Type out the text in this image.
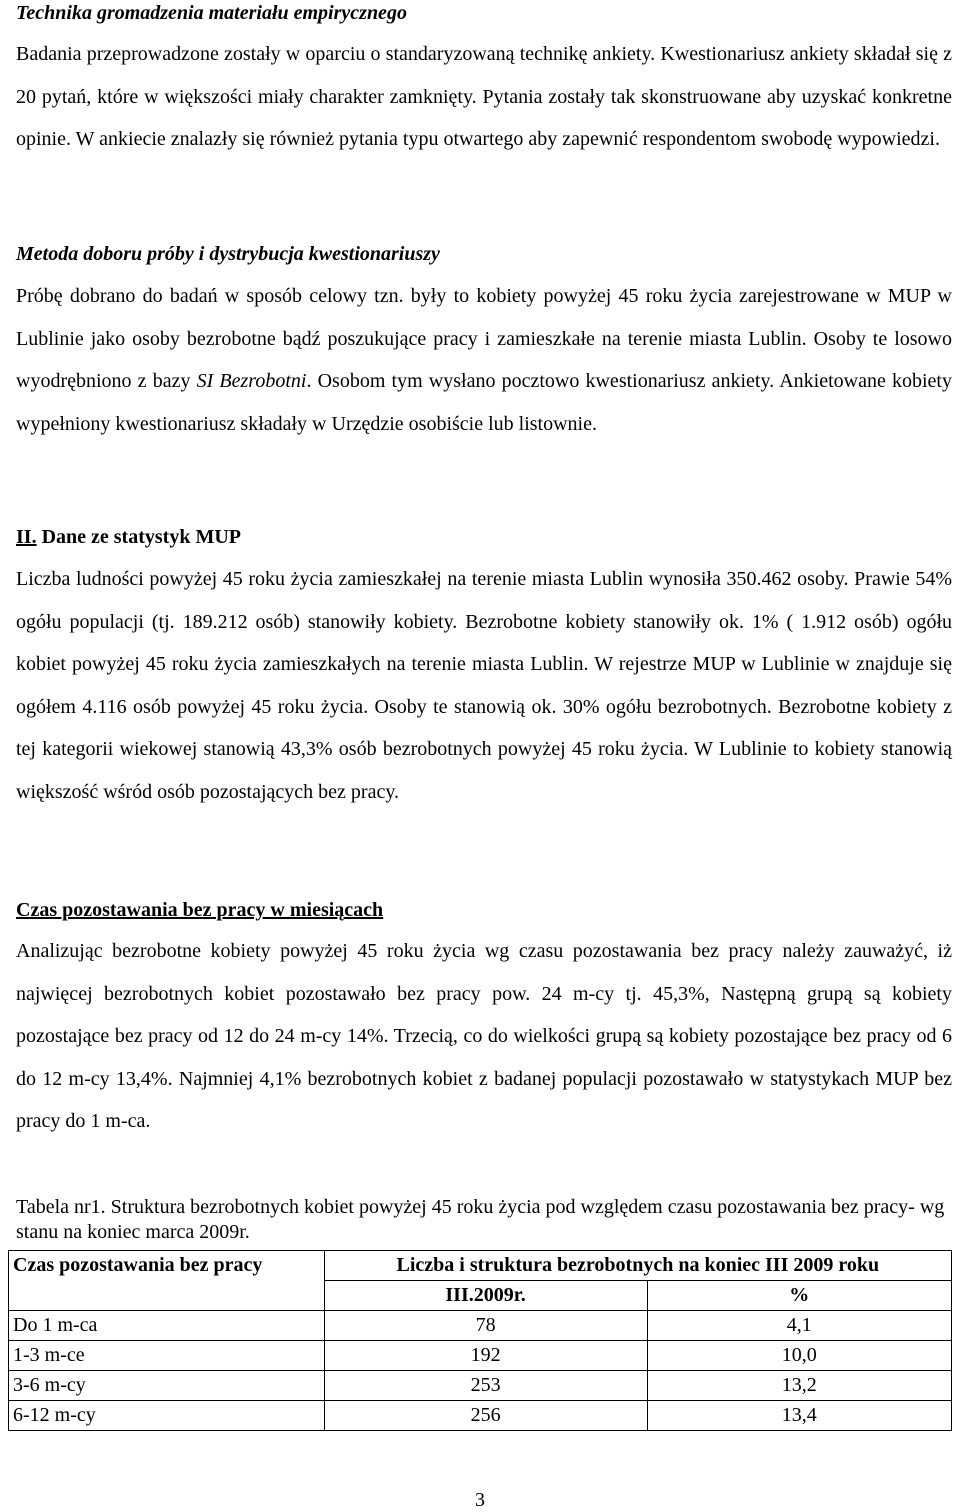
Technika gromadzenia materiału empirycznego

Badania przeprowadzone zostały w oparciu o standaryzowaną technikę ankiety. Kwestionariusz ankiety składał się z 20 pytań, które w większości miały charakter zamknięty. Pytania zostały tak skonstruowane aby uzyskać konkretne opinie. W ankiecie znalazły się również pytania typu otwartego aby zapewnić respondentom swobodę wypowiedzi.

Metoda doboru próby i dystrybucja kwestionariuszy

Próbę dobrano do badań w sposób celowy tzn. były to kobiety powyżej 45 roku życia zarejestrowane w MUP w Lublinie jako osoby bezrobotne bądź poszukujące pracy i zamieszkałe na terenie miasta Lublin. Osoby te losowo wyodrębniono z bazy SI Bezrobotni. Osobom tym wysłano pocztowo kwestionariusz ankiety. Ankietowane kobiety wypełniony kwestionariusz składały w Urzędzie osobiście lub listownie.

II. Dane ze statystyk MUP

Liczba ludności powyżej 45 roku życia zamieszkałej na terenie miasta Lublin wynosiła 350.462 osoby. Prawie 54% ogółu populacji (tj. 189.212 osób) stanowiły kobiety. Bezrobotne kobiety stanowiły ok. 1% ( 1.912 osób) ogółu kobiet powyżej 45 roku życia zamieszkałych na terenie miasta Lublin. W rejestrze MUP w Lublinie w znajduje się ogółem 4.116 osób powyżej 45 roku życia. Osoby te stanowią ok. 30% ogółu bezrobotnych. Bezrobotne kobiety z tej kategorii wiekowej stanowią 43,3% osób bezrobotnych powyżej 45 roku życia. W Lublinie to kobiety stanowią większość wśród osób pozostających bez pracy.

Czas pozostawania bez pracy w miesiącach

Analizując bezrobotne kobiety powyżej 45 roku życia wg czasu pozostawania bez pracy należy zauważyć, iż najwięcej bezrobotnych kobiet pozostawało bez pracy pow. 24 m-cy tj. 45,3%, Następną grupą są kobiety pozostające bez pracy od 12 do 24 m-cy 14%. Trzecią, co do wielkości grupą są kobiety pozostające bez pracy od 6 do 12 m-cy 13,4%. Najmniej 4,1% bezrobotnych kobiet z badanej populacji pozostawało w statystykach MUP bez pracy do 1 m-ca.

Tabela nr1. Struktura bezrobotnych kobiet powyżej 45 roku życia pod względem czasu pozostawania bez pracy- wg stanu na koniec marca 2009r.

Czas pozostawania bez pracy	Liczba i struktura bezrobotnych na koniec III 2009 roku	
	III.2009r.	%
Do 1 m-ca	78	4,1
1-3 m-ce	192	10,0
3-6 m-cy	253	13,2
6-12 m-cy	256	13,4
3
